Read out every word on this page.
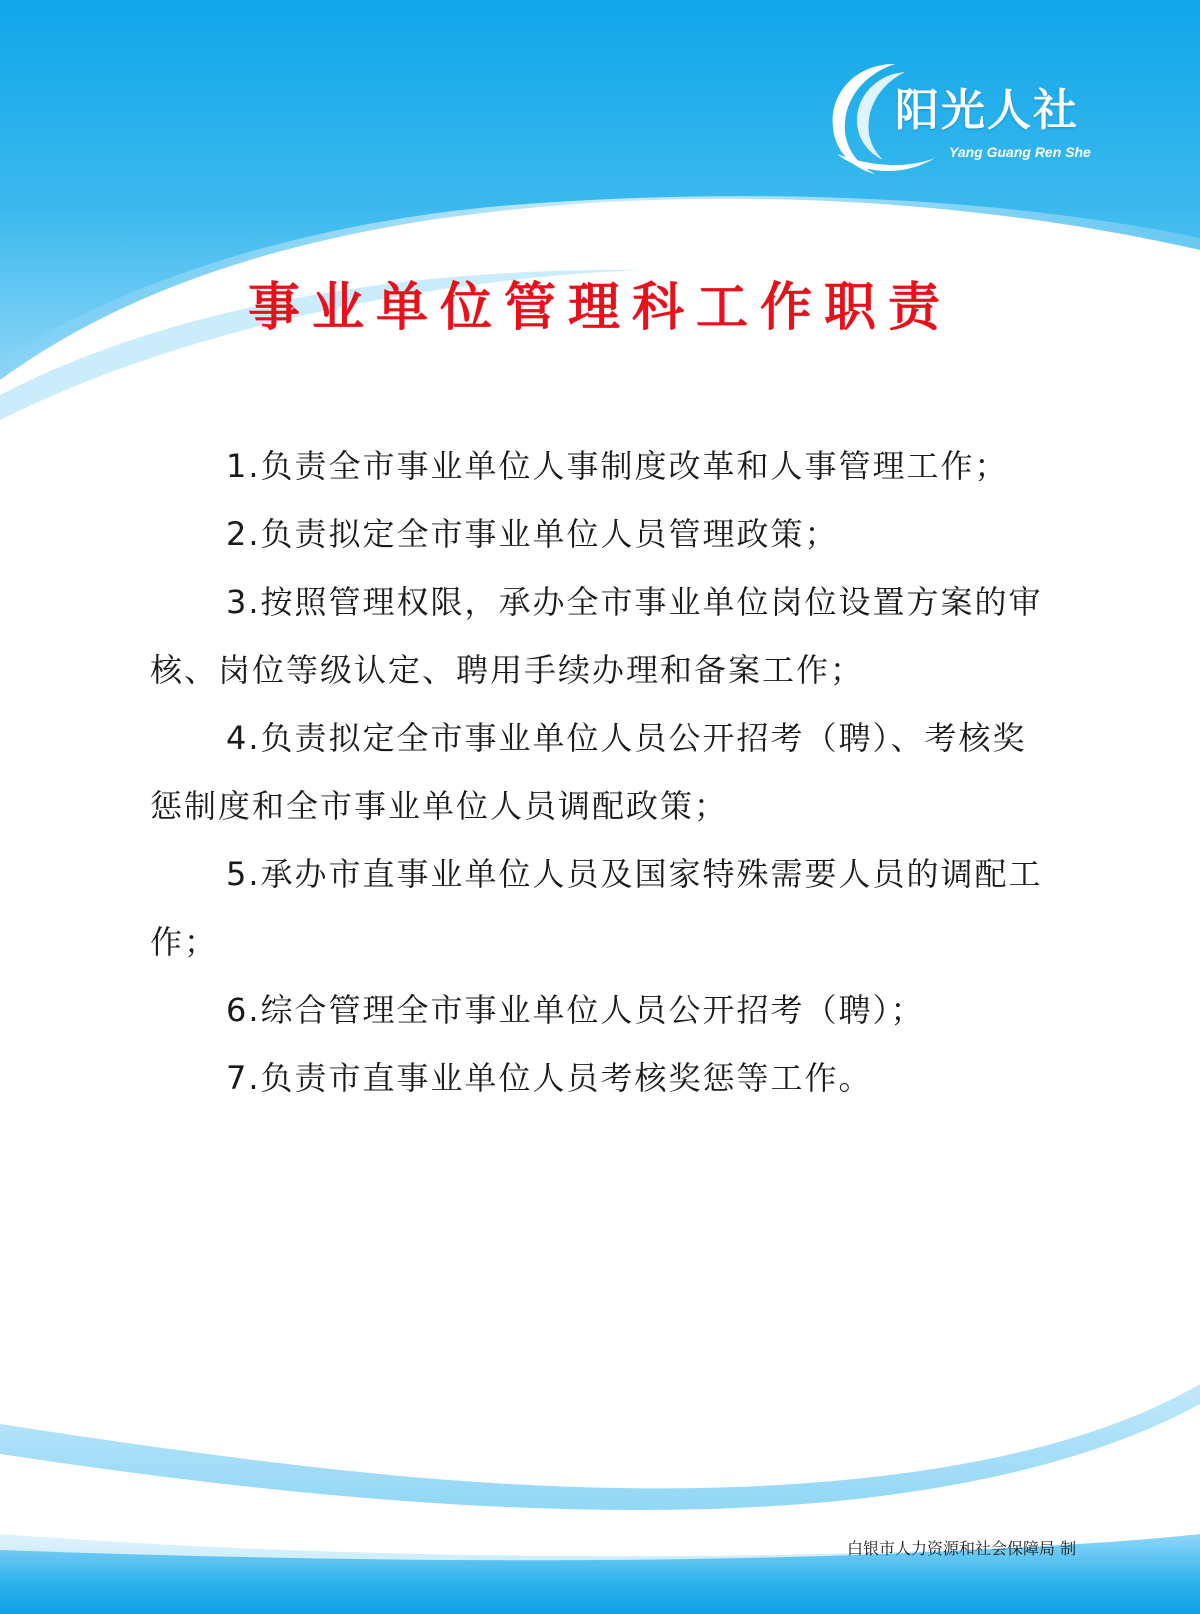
阳光人社
Yang Guang Ren She
事业单位管理科工作职责
1.负责全市事业单位人事制度改革和人事管理工作；
2.负责拟定全市事业单位人员管理政策；
3.按照管理权限，承办全市事业单位岗位设置方案的审核、岗位等级认定、聘用手续办理和备案工作；
4.负责拟定全市事业单位人员公开招考（聘）、考核奖惩制度和全市事业单位人员调配政策；
5.承办市直事业单位人员及国家特殊需要人员的调配工作；
6.综合管理全市事业单位人员公开招考（聘）；
7.负责市直事业单位人员考核奖惩等工作。
白银市人力资源和社会保障局 制
